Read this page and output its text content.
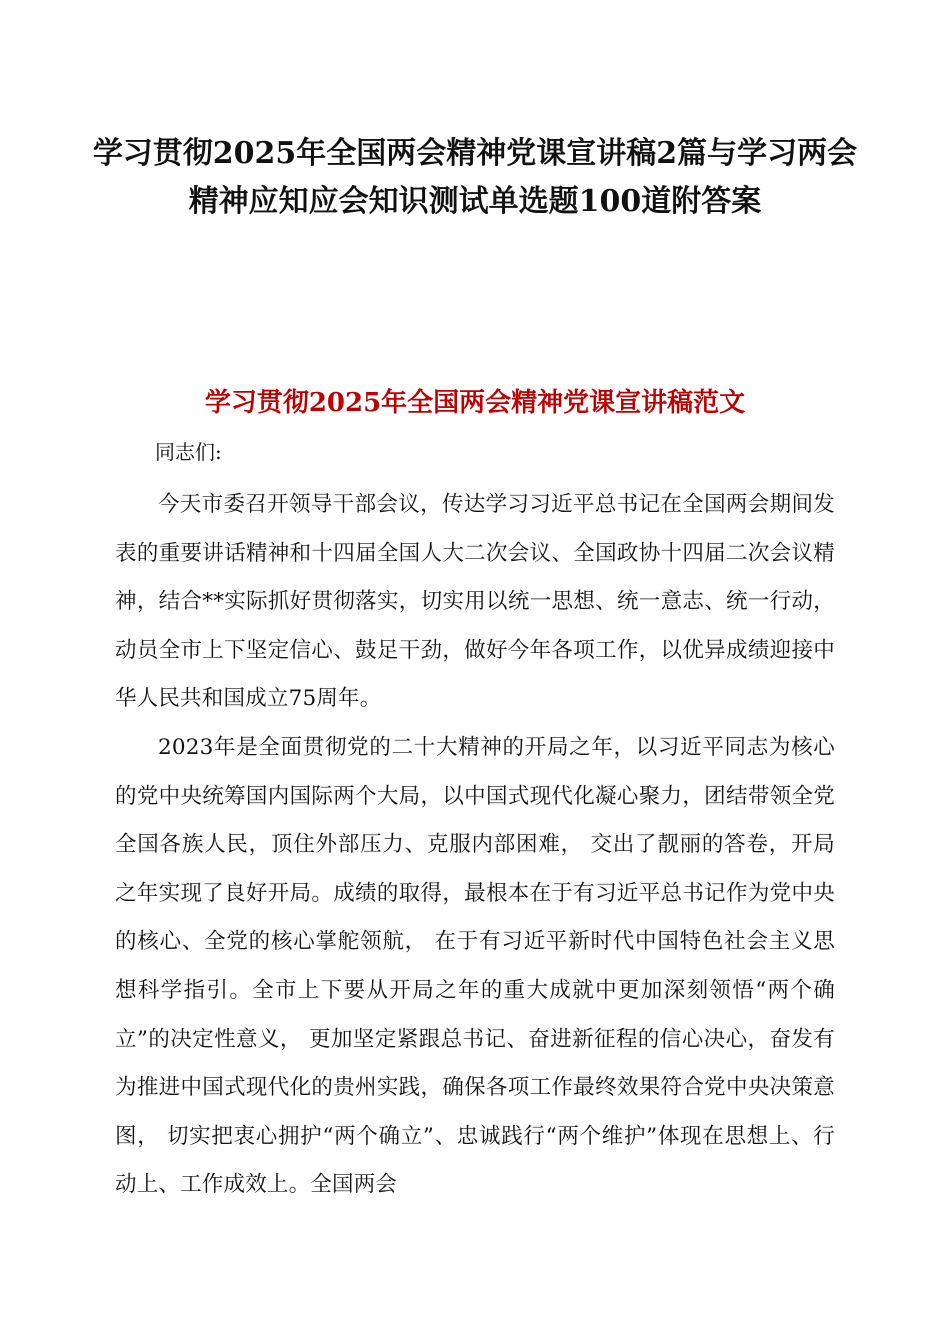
学习贯彻2025年全国两会精神党课宣讲稿2篇与学习两会精神应知应会知识测试单选题100道附答案
学习贯彻2025年全国两会精神党课宣讲稿范文

同志们:

今天市委召开领导干部会议，传达学习习近平总书记在全国两会期间发表的重要讲话精神和十四届全国人大二次会议、全国政协十四届二次会议精神，结合**实际抓好贯彻落实，切实用以统一思想、统一意志、统一行动，动员全市上下坚定信心、鼓足干劲，做好今年各项工作，以优异成绩迎接中华人民共和国成立75周年。

2023年是全面贯彻党的二十大精神的开局之年，以习近平同志为核心的党中央统筹国内国际两个大局，以中国式现代化凝心聚力，团结带领全党全国各族人民，顶住外部压力、克服内部困难， 交出了靓丽的答卷，开局之年实现了良好开局。成绩的取得，最根本在于有习近平总书记作为党中央的核心、全党的核心掌舵领航， 在于有习近平新时代中国特色社会主义思想科学指引。全市上下要从开局之年的重大成就中更加深刻领悟“两个确立”的决定性意义， 更加坚定紧跟总书记、奋进新征程的信心决心，奋发有为推进中国式现代化的贵州实践，确保各项工作最终效果符合党中央决策意图， 切实把衷心拥护“两个确立”、忠诚践行“两个维护”体现在思想上、行动上、工作成效上。全国两会
